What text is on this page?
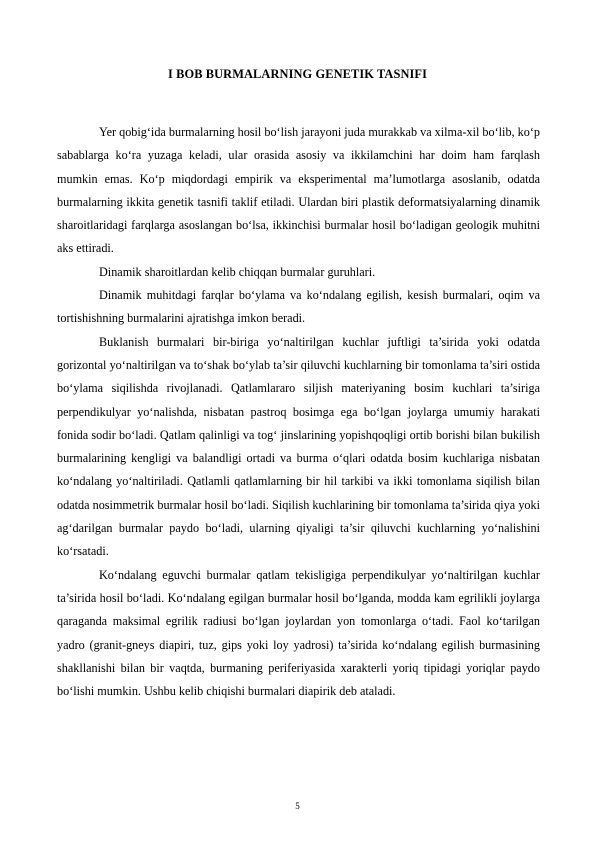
I BOB BURMALARNING GENETIK TASNIFI

Yer qobig‘ida burmalarning hosil bo‘lish jarayoni juda murakkab va xilma-xil bo‘lib, ko‘p sabablarga ko‘ra yuzaga keladi, ular orasida asosiy va ikkilamchini har doim ham farqlash mumkin emas. Ko‘p miqdordagi empirik va eksperimental ma’lumotlarga asoslanib, odatda burmalarning ikkita genetik tasnifi taklif etiladi. Ulardan biri plastik deformatsiyalarning dinamik sharoitlaridagi farqlarga asoslangan bo‘lsa, ikkinchisi burmalar hosil bo‘ladigan geologik muhitni aks ettiradi.

Dinamik sharoitlardan kelib chiqqan burmalar guruhlari.

Dinamik muhitdagi farqlar bo‘ylama va ko‘ndalang egilish, kesish burmalari, oqim va tortishishning burmalarini ajratishga imkon beradi.

Buklanish burmalari bir-biriga yo‘naltirilgan kuchlar juftligi ta’sirida yoki odatda gorizontal yo‘naltirilgan va to‘shak bo‘ylab ta’sir qiluvchi kuchlarning bir tomonlama ta’siri ostida bo‘ylama siqilishda rivojlanadi. Qatlamlararo siljish materiyaning bosim kuchlari ta’siriga perpendikulyar yo‘nalishda, nisbatan pastroq bosimga ega bo‘lgan joylarga umumiy harakati fonida sodir bo‘ladi. Qatlam qalinligi va tog‘ jinslarining yopishqoqligi ortib borishi bilan bukilish burmalarining kengligi va balandligi ortadi va burma o‘qlari odatda bosim kuchlariga nisbatan ko‘ndalang yo‘naltiriladi. Qatlamli qatlamlarning bir hil tarkibi va ikki tomonlama siqilish bilan odatda nosimmetrik burmalar hosil bo‘ladi. Siqilish kuchlarining bir tomonlama ta’sirida qiya yoki ag‘darilgan burmalar paydo bo‘ladi, ularning qiyaligi ta’sir qiluvchi kuchlarning yo‘nalishini ko‘rsatadi.

Ko‘ndalang eguvchi burmalar qatlam tekisligiga perpendikulyar yo‘naltirilgan kuchlar ta’sirida hosil bo‘ladi. Ko‘ndalang egilgan burmalar hosil bo‘lganda, modda kam egrilikli joylarga qaraganda maksimal egrilik radiusi bo‘lgan joylardan yon tomonlarga o‘tadi. Faol ko‘tarilgan yadro (granit-gneys diapiri, tuz, gips yoki loy yadrosi) ta’sirida ko‘ndalang egilish burmasining shakllanishi bilan bir vaqtda, burmaning periferiyasida xarakterli yoriq tipidagi yoriqlar paydo bo‘lishi mumkin. Ushbu kelib chiqishi burmalari diapirik deb ataladi.

5
